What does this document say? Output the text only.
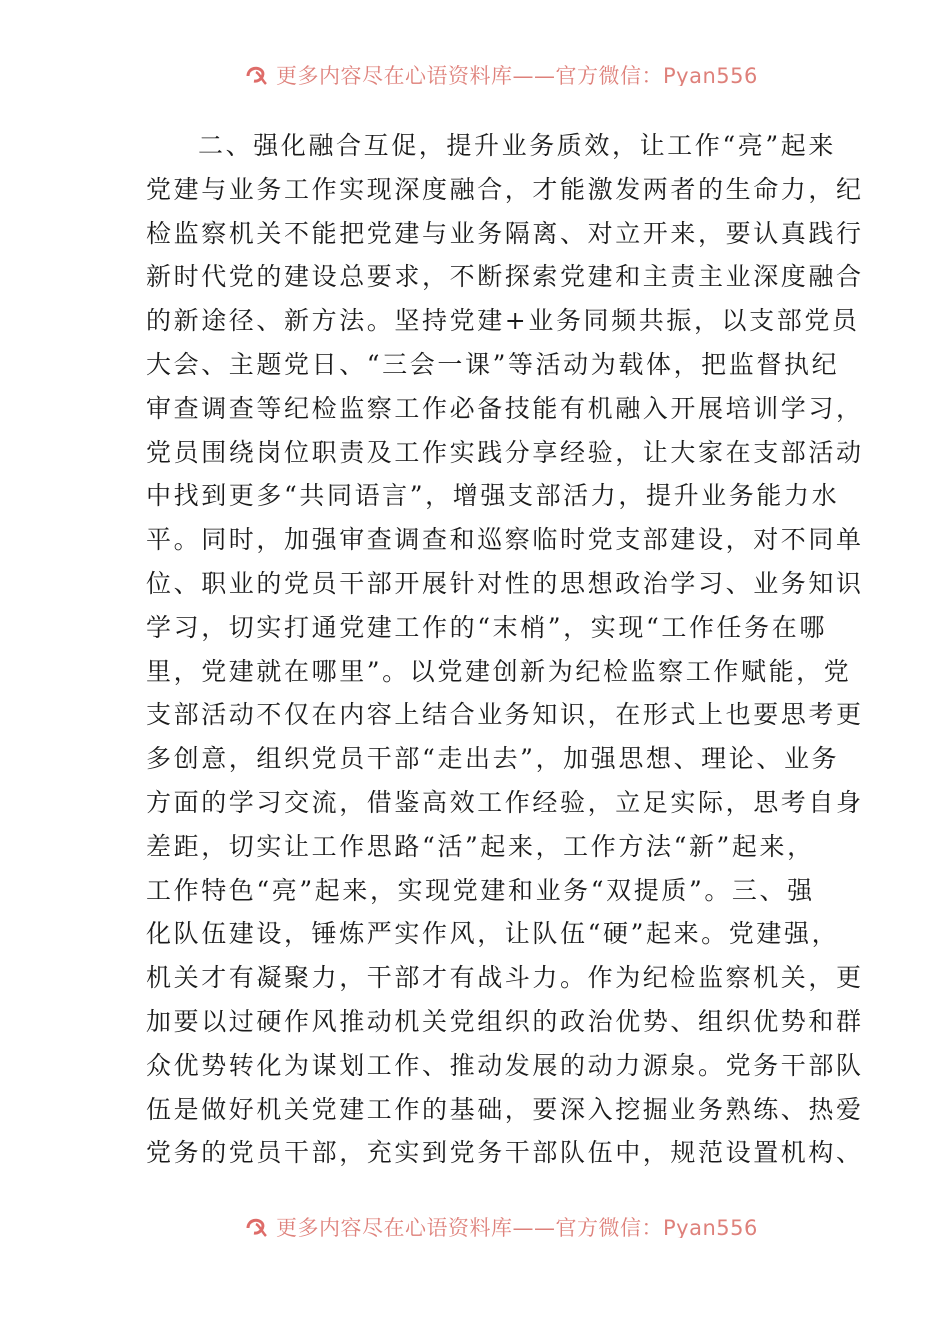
更多内容尽在心语资料库——官方微信：Pyan556
二、强化融合互促，提升业务质效，让工作“亮”起来
党建与业务工作实现深度融合，才能激发两者的生命力，纪
检监察机关不能把党建与业务隔离、对立开来，要认真践行
新时代党的建设总要求，不断探索党建和主责主业深度融合
的新途径、新方法。坚持党建+业务同频共振，以支部党员
大会、主题党日、“三会一课”等活动为载体，把监督执纪
审查调查等纪检监察工作必备技能有机融入开展培训学习，
党员围绕岗位职责及工作实践分享经验，让大家在支部活动
中找到更多“共同语言”，增强支部活力，提升业务能力水
平。同时，加强审查调查和巡察临时党支部建设，对不同单
位、职业的党员干部开展针对性的思想政治学习、业务知识
学习，切实打通党建工作的“末梢”，实现“工作任务在哪
里，党建就在哪里”。以党建创新为纪检监察工作赋能，党
支部活动不仅在内容上结合业务知识，在形式上也要思考更
多创意，组织党员干部“走出去”，加强思想、理论、业务
方面的学习交流，借鉴高效工作经验，立足实际，思考自身
差距，切实让工作思路“活”起来，工作方法“新”起来，
工作特色“亮”起来，实现党建和业务“双提质”。三、强
化队伍建设，锤炼严实作风，让队伍“硬”起来。党建强，
机关才有凝聚力，干部才有战斗力。作为纪检监察机关，更
加要以过硬作风推动机关党组织的政治优势、组织优势和群
众优势转化为谋划工作、推动发展的动力源泉。党务干部队
伍是做好机关党建工作的基础，要深入挖掘业务熟练、热爱
党务的党员干部，充实到党务干部队伍中，规范设置机构、
更多内容尽在心语资料库——官方微信：Pyan556
